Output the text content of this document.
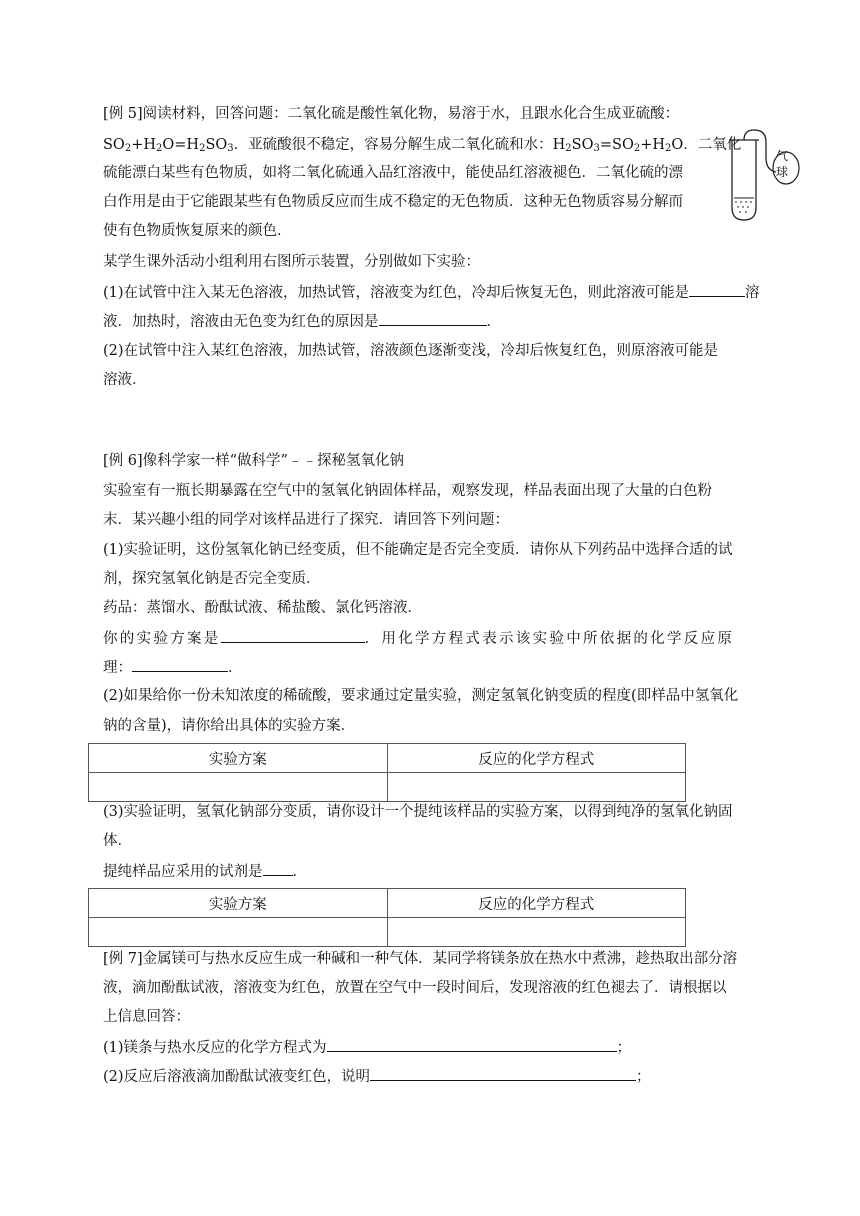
[例 5]阅读材料，回答问题：二氧化硫是酸性氧化物，易溶于水，且跟水化合生成亚硫酸：
$SO_2+H_2O=H_2SO_3$．亚硫酸很不稳定，容易分解生成二氧化硫和水：$H_2SO_3=SO_2+H_2O$．二氧化
硫能漂白某些有色物质，如将二氧化硫通入品红溶液中，能使品红溶液褪色．二氧化硫的漂
白作用是由于它能跟某些有色物质反应而生成不稳定的无色物质．这种无色物质容易分解而
使有色物质恢复原来的颜色．
某学生课外活动小组利用右图所示装置，分别做如下实验：
(1)在试管中注入某无色溶液，加热试管，溶液变为红色，冷却后恢复无色，则此溶液可能是	溶
液．加热时，溶液由无色变为红色的原因是	．
(2)在试管中注入某红色溶液，加热试管，溶液颜色逐渐变浅，冷却后恢复红色，则原溶液可能是
溶液．
气球
[例 6]像科学家一样“做科学”﹣﹣探秘氢氧化钠
实验室有一瓶长期暴露在空气中的氢氧化钠固体样品，观察发现，样品表面出现了大量的白色粉
末．某兴趣小组的同学对该样品进行了探究．请回答下列问题：
(1)实验证明，这份氢氧化钠已经变质，但不能确定是否完全变质．请你从下列药品中选择合适的试
剂，探究氢氧化钠是否完全变质．
药品：蒸馏水、酚酞试液、稀盐酸、氯化钙溶液．
你的实验方案是	．用化学方程式表示该实验中所依据的化学反应原
理：	．
(2)如果给你一份未知浓度的稀硫酸，要求通过定量实验，测定氢氧化钠变质的程度(即样品中氢氧化
钠的含量)，请你给出具体的实验方案．
实验方案	反应的化学方程式

(3)实验证明，氢氧化钠部分变质，请你设计一个提纯该样品的实验方案，以得到纯净的氢氧化钠固
体．
提纯样品应采用的试剂是 ．
实验方案	反应的化学方程式

[例 7]金属镁可与热水反应生成一种碱和一种气体．某同学将镁条放在热水中煮沸，趁热取出部分溶
液，滴加酚酞试液，溶液变为红色，放置在空气中一段时间后，发现溶液的红色褪去了．请根据以
上信息回答：
(1)镁条与热水反应的化学方程式为	；
(2)反应后溶液滴加酚酞试液变红色，说明	；
